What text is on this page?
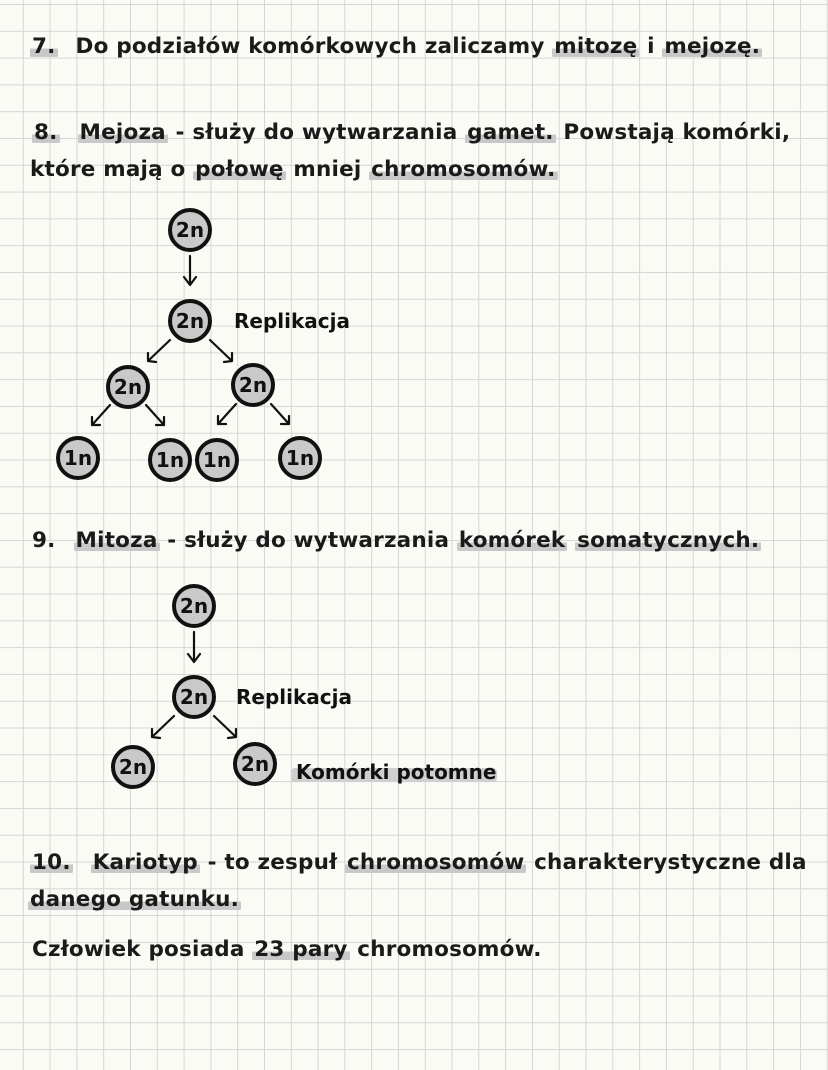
7. Do podziałów komórkowych zaliczamy mitozę i mejozę.
8. Mejoza - służy do wytwarzania gamet. Powstają komórki,
które mają o połowę mniej chromosomów.
2n
2n Replikacja
2n	2n
1n	1n 1n	1n
9. Mitoza - służy do wytwarzania komórek somatycznych.
2n
2n Replikacja
2n	2n Komórki potomne
10. Kariotyp - to zespuł chromosomów charakterystyczne dla
danego gatunku.
Człowiek posiada 23 pary chromosomów.
